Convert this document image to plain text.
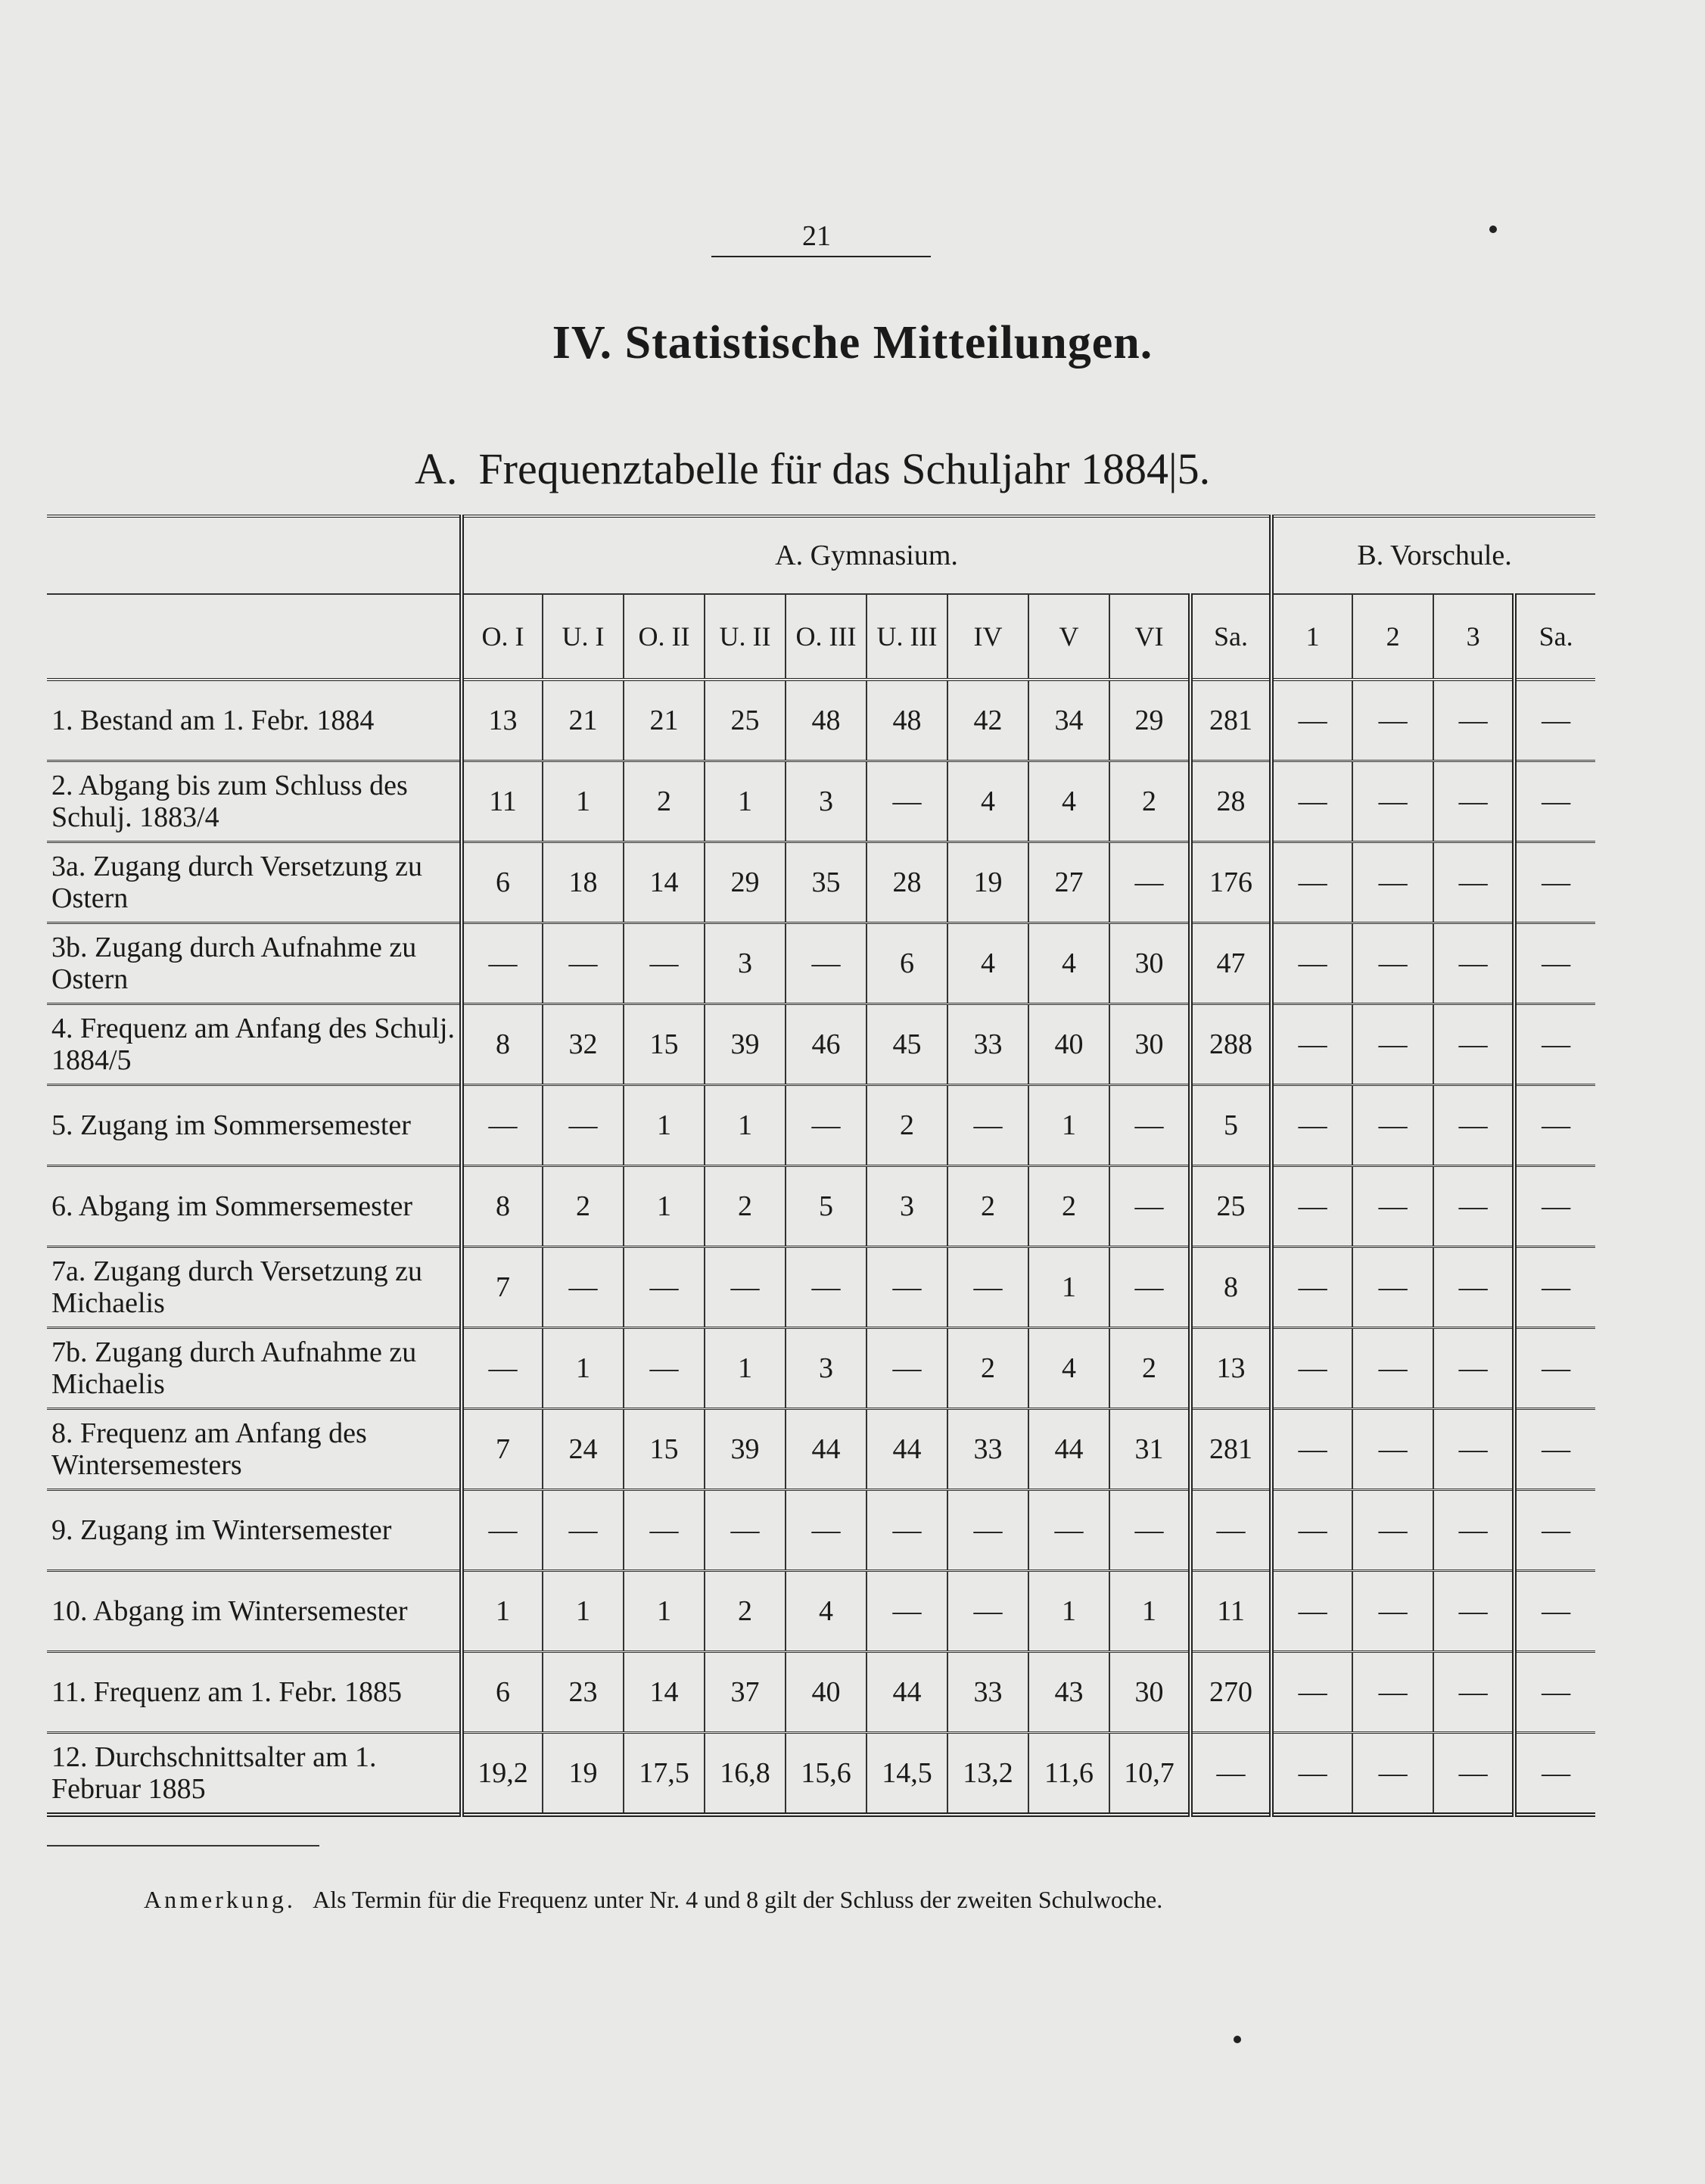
21
IV. Statistische Mitteilungen.
A. Frequenztabelle für das Schuljahr 1884|5.
	A. Gymnasium.										B. Vorschule.			
	O. I	U. I	O. II	U. II	O. III	U. III	IV	V	VI	Sa.	1	2	3	Sa.
1. Bestand am 1. Febr. 1884	13	21	21	25	48	48	42	34	29	281	—	—	—	—
2. Abgang bis zum Schluss des Schulj. 1883/4	11	1	2	1	3	—	4	4	2	28	—	—	—	—
3a. Zugang durch Versetzung zu Ostern	6	18	14	29	35	28	19	27	—	176	—	—	—	—
3b. Zugang durch Aufnahme zu Ostern	—	—	—	3	—	6	4	4	30	47	—	—	—	—
4. Frequenz am Anfang des Schulj. 1884/5	8	32	15	39	46	45	33	40	30	288	—	—	—	—
5. Zugang im Sommersemester	—	—	1	1	—	2	—	1	—	5	—	—	—	—
6. Abgang im Sommersemester	8	2	1	2	5	3	2	2	—	25	—	—	—	—
7a. Zugang durch Versetzung zu Michaelis	7	—	—	—	—	—	—	1	—	8	—	—	—	—
7b. Zugang durch Aufnahme zu Michaelis	—	1	—	1	3	—	2	4	2	13	—	—	—	—
8. Frequenz am Anfang des Wintersemesters	7	24	15	39	44	44	33	44	31	281	—	—	—	—
9. Zugang im Wintersemester	—	—	—	—	—	—	—	—	—	—	—	—	—	—
10. Abgang im Wintersemester	1	1	1	2	4	—	—	1	1	11	—	—	—	—
11. Frequenz am 1. Febr. 1885	6	23	14	37	40	44	33	43	30	270	—	—	—	—
12. Durchschnittsalter am 1. Februar 1885	19,2	19	17,5	16,8	15,6	14,5	13,2	11,6	10,7	—	—	—	—	—
Anmerkung. Als Termin für die Frequenz unter Nr. 4 und 8 gilt der Schluss der zweiten Schulwoche.
